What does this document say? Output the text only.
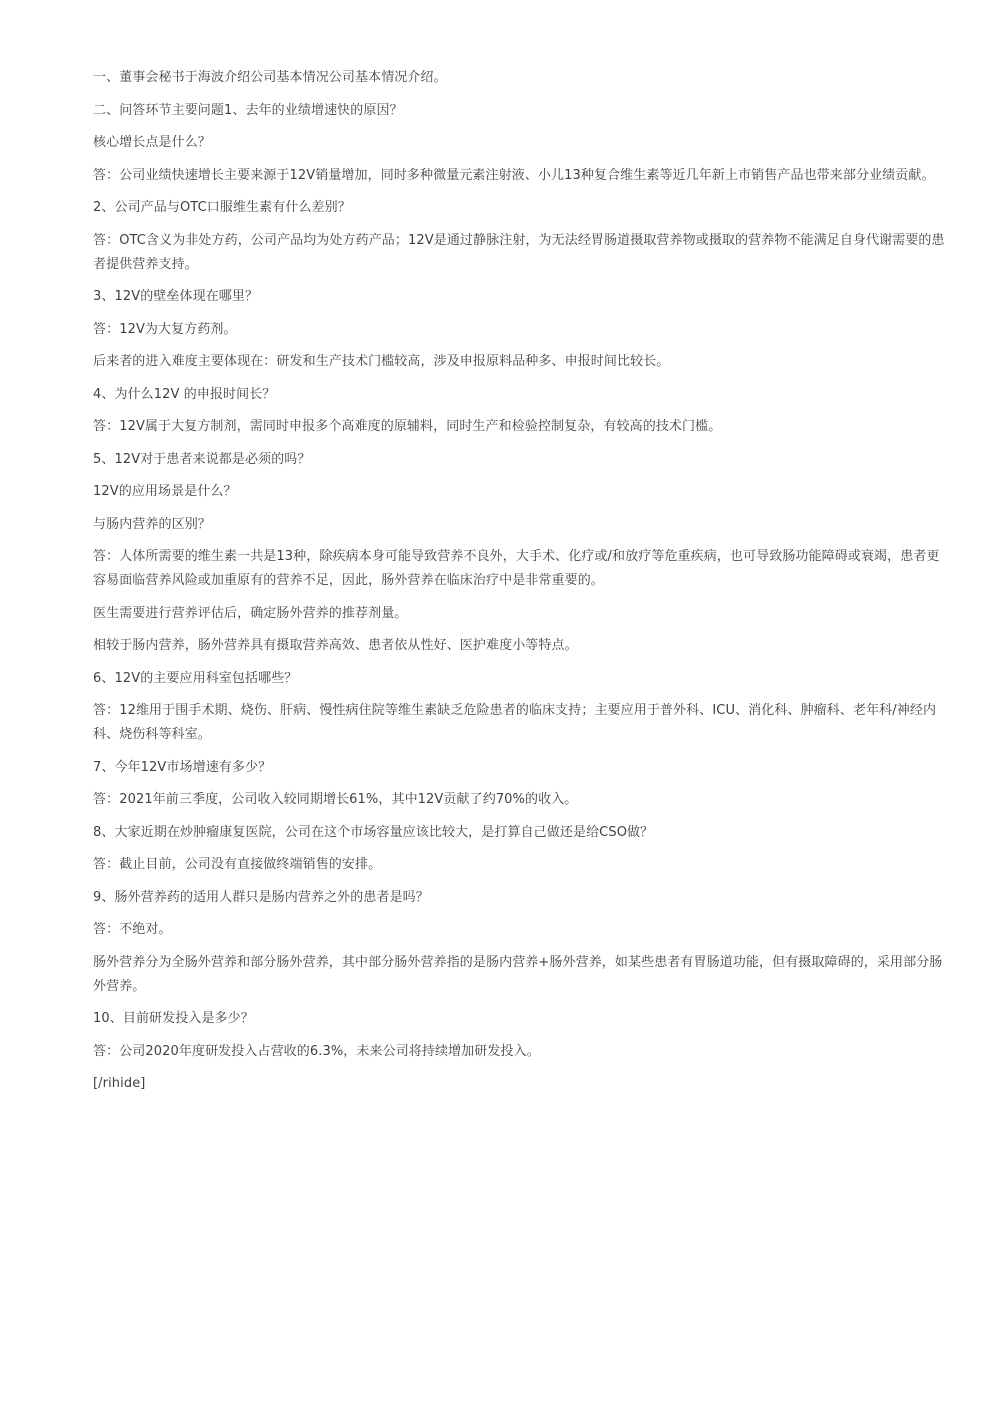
一、董事会秘书于海波介绍公司基本情况公司基本情况介绍。

二、问答环节主要问题1、去年的业绩增速快的原因？

核心增长点是什么？

答：公司业绩快速增长主要来源于12V销量增加，同时多种微量元素注射液、小儿13种复合维生素等近几年新上市销售产品也带来部分业绩贡献。

2、公司产品与OTC口服维生素有什么差别？

答：OTC含义为非处方药，公司产品均为处方药产品；12V是通过静脉注射，为无法经胃肠道摄取营养物或摄取的营养物不能满足自身代谢需要的患者提供营养支持。

3、12V的壁垒体现在哪里？

答：12V为大复方药剂。

后来者的进入难度主要体现在：研发和生产技术门槛较高，涉及申报原料品种多、申报时间比较长。

4、为什么12V 的申报时间长？

答：12V属于大复方制剂，需同时申报多个高难度的原辅料，同时生产和检验控制复杂，有较高的技术门槛。

5、12V对于患者来说都是必须的吗？

12V的应用场景是什么？

与肠内营养的区别？

答：人体所需要的维生素一共是13种，除疾病本身可能导致营养不良外，大手术、化疗或/和放疗等危重疾病，也可导致肠功能障碍或衰竭，患者更容易面临营养风险或加重原有的营养不足，因此，肠外营养在临床治疗中是非常重要的。

医生需要进行营养评估后，确定肠外营养的推荐剂量。

相较于肠内营养，肠外营养具有摄取营养高效、患者依从性好、医护难度小等特点。

6、12V的主要应用科室包括哪些？

答：12维用于围手术期、烧伤、肝病、慢性病住院等维生素缺乏危险患者的临床支持；主要应用于普外科、ICU、消化科、肿瘤科、老年科/神经内科、烧伤科等科室。

7、今年12V市场增速有多少？

答：2021年前三季度，公司收入较同期增长61%，其中12V贡献了约70%的收入。

8、大家近期在炒肿瘤康复医院，公司在这个市场容量应该比较大，是打算自己做还是给CSO做？

答：截止目前，公司没有直接做终端销售的安排。

9、肠外营养药的适用人群只是肠内营养之外的患者是吗？

答：不绝对。

肠外营养分为全肠外营养和部分肠外营养，其中部分肠外营养指的是肠内营养+肠外营养，如某些患者有胃肠道功能，但有摄取障碍的，采用部分肠外营养。

10、目前研发投入是多少？

答：公司2020年度研发投入占营收的6.3%，未来公司将持续增加研发投入。

[/rihide]
